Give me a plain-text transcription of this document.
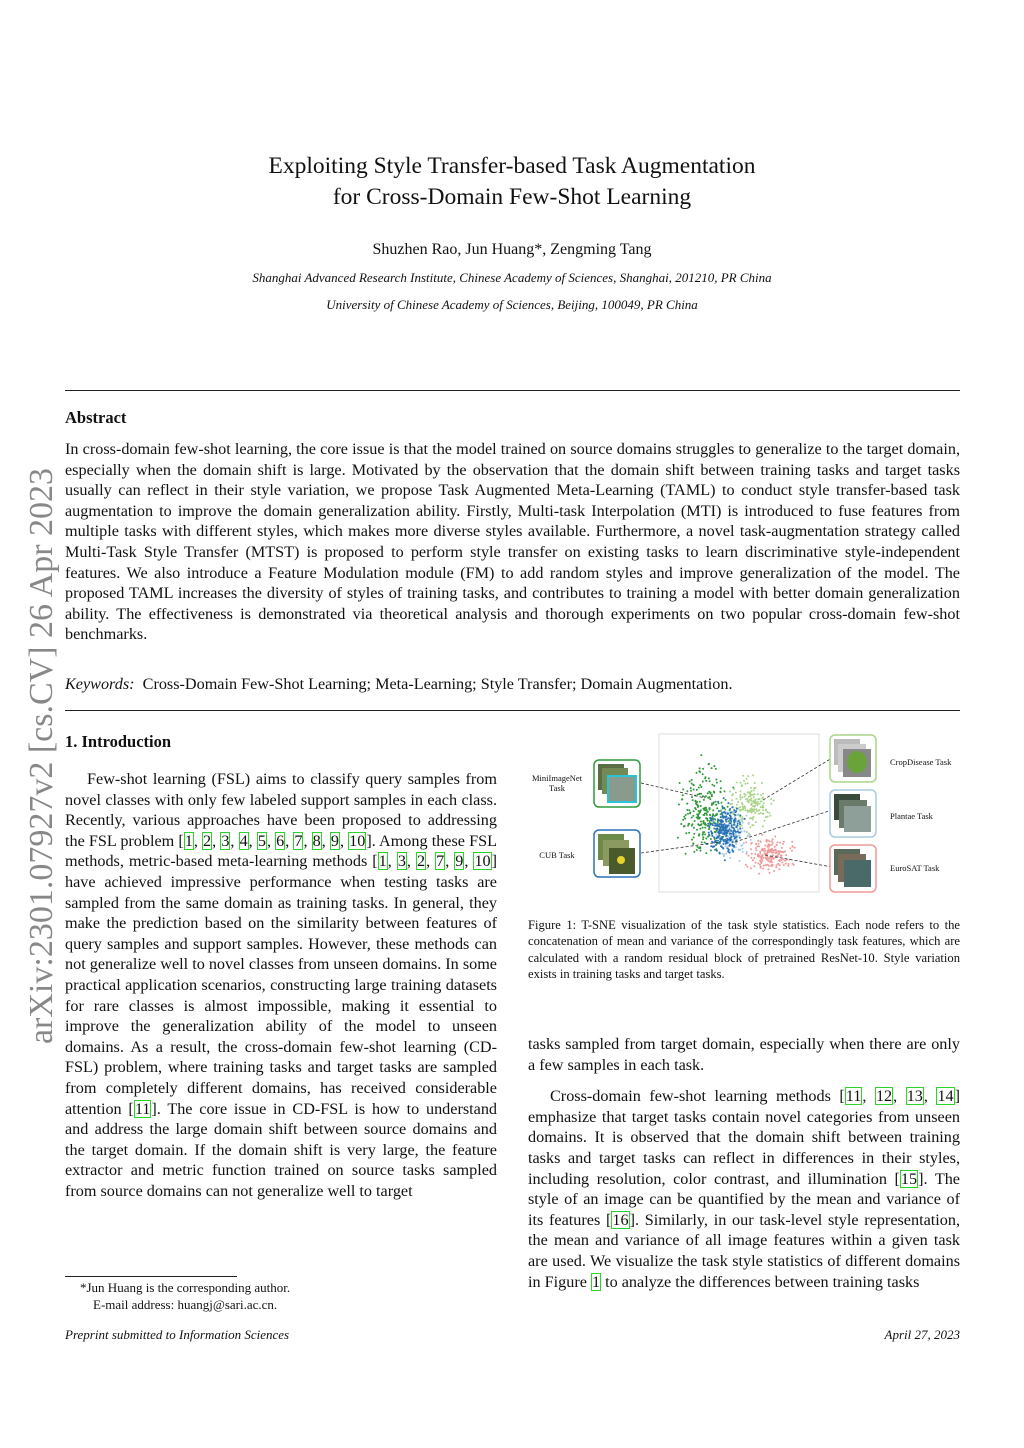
arXiv:2301.07927v2 [cs.CV] 26 Apr 2023
Exploiting Style Transfer-based Task Augmentation
for Cross-Domain Few-Shot Learning
Shuzhen Rao, Jun Huang*, Zengming Tang
Shanghai Advanced Research Institute, Chinese Academy of Sciences, Shanghai, 201210, PR China
University of Chinese Academy of Sciences, Beijing, 100049, PR China
Abstract
In cross-domain few-shot learning, the core issue is that the model trained on source domains struggles to generalize to the target domain, especially when the domain shift is large. Motivated by the observation that the domain shift between training tasks and target tasks usually can reflect in their style variation, we propose Task Augmented Meta-Learning (TAML) to conduct style transfer-based task augmentation to improve the domain generalization ability. Firstly, Multi-task Interpolation (MTI) is introduced to fuse features from multiple tasks with different styles, which makes more diverse styles available. Furthermore, a novel task-augmentation strategy called Multi-Task Style Transfer (MTST) is proposed to perform style transfer on existing tasks to learn discriminative style-independent features. We also introduce a Feature Modulation module (FM) to add random styles and improve generalization of the model. The proposed TAML increases the diversity of styles of training tasks, and contributes to training a model with better domain generalization ability. The effectiveness is demonstrated via theoretical analysis and thorough experiments on two popular cross-domain few-shot benchmarks.
Keywords: Cross-Domain Few-Shot Learning; Meta-Learning; Style Transfer; Domain Augmentation.
1. Introduction

Few-shot learning (FSL) aims to classify query samples from novel classes with only few labeled support samples in each class. Recently, various approaches have been proposed to addressing the FSL problem [1, 2, 3, 4, 5, 6, 7, 8, 9, 10]. Among these FSL methods, metric-based meta-learning methods [1, 3, 2, 7, 9, 10] have achieved impressive performance when testing tasks are sampled from the same domain as training tasks. In general, they make the prediction based on the similarity between features of query samples and support samples. However, these methods can not generalize well to novel classes from unseen domains. In some practical application scenarios, constructing large training datasets for rare classes is almost impossible, making it essential to improve the generalization ability of the model to unseen domains. As a result, the cross-domain few-shot learning (CD-FSL) problem, where training tasks and target tasks are sampled from completely different domains, has received considerable attention [11]. The core issue in CD-FSL is how to understand and address the large domain shift between source domains and the target domain. If the domain shift is very large, the feature extractor and metric function trained on source tasks sampled from source domains can not generalize well to target

MiniImageNet Task
CUB Task
CropDisease Task
Plantae Task
EuroSAT Task
Figure 1: T-SNE visualization of the task style statistics. Each node refers to the concatenation of mean and variance of the correspondingly task features, which are calculated with a random residual block of pretrained ResNet-10. Style variation exists in training tasks and target tasks.

tasks sampled from target domain, especially when there are only a few samples in each task.

Cross-domain few-shot learning methods [11, 12, 13, 14] emphasize that target tasks contain novel categories from unseen domains. It is observed that the domain shift between training tasks and target tasks can reflect in differences in their styles, including resolution, color contrast, and illumination [15]. The style of an image can be quantified by the mean and variance of its features [16]. Similarly, in our task-level style representation, the mean and variance of all image features within a given task are used. We visualize the task style statistics of different domains in Figure 1 to analyze the differences between training tasks

*Jun Huang is the corresponding author.
E-mail address: huangj@sari.ac.cn.
Preprint submitted to Information Sciences	April 27, 2023
